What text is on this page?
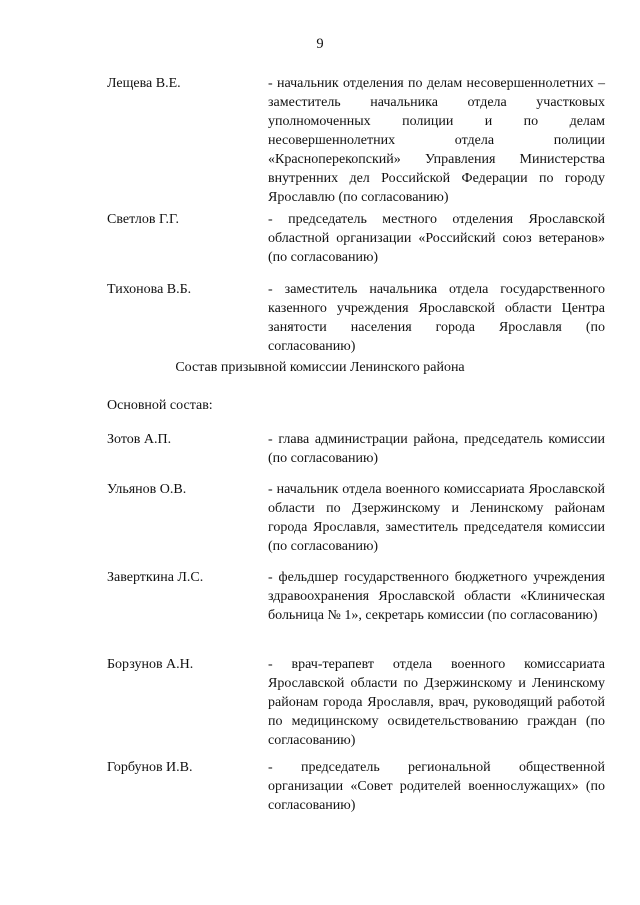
9
Лещева В.Е.	- начальник отделения по делам несовершеннолетних – заместитель начальника отдела участковых уполномоченных полиции и по делам несовершеннолетних отдела полиции «Красноперекопский» Управления Министерства внутренних дел Российской Федерации по городу Ярославлю (по согласованию)
Светлов Г.Г.	- председатель местного отделения Ярославской областной организации «Российский союз ветеранов» (по согласованию)
Тихонова В.Б.	- заместитель начальника отдела государственного казенного учреждения Ярославской области Центра занятости населения города Ярославля (по согласованию)
Состав призывной комиссии Ленинского района
Основной состав:
Зотов А.П.	- глава администрации района, председатель комиссии (по согласованию)
Ульянов О.В.	- начальник отдела военного комиссариата Ярославской области по Дзержинскому и Ленинскому районам города Ярославля, заместитель председателя комиссии (по согласованию)
Заверткина Л.С.	- фельдшер государственного бюджетного учреждения здравоохранения Ярославской области «Клиническая больница № 1», секретарь комиссии (по согласованию)
Борзунов А.Н.	- врач-терапевт отдела военного комиссариата Ярославской области по Дзержинскому и Ленинскому районам города Ярославля, врач, руководящий работой по медицинскому освидетельствованию граждан (по согласованию)
Горбунов И.В.	- председатель региональной общественной организации «Совет родителей военнослужащих» (по согласованию)
